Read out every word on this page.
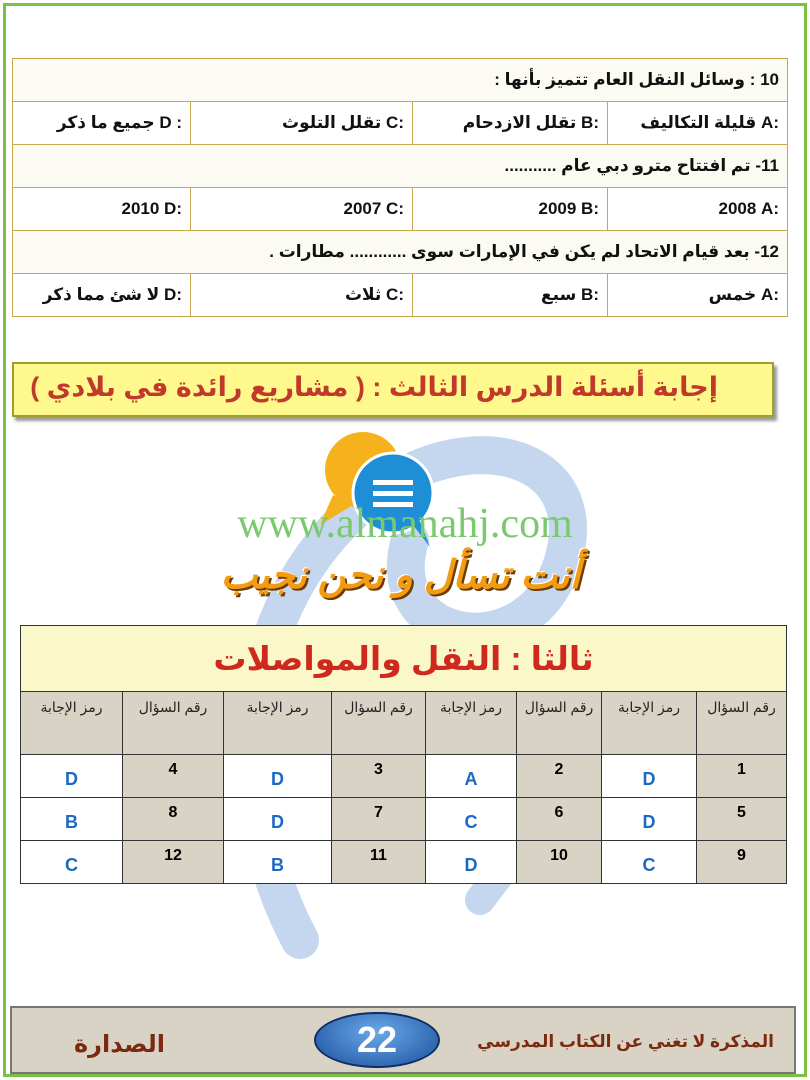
10 : وسائل النقل العام تتميز بأنها :			
A: قليلة التكاليف	B: تقلل الازدحام	C: تقلل التلوث	D : جميع ما ذكر
11- تم افتتاح مترو دبي عام ...........			
A: 2008	B: 2009	C: 2007	D: 2010
12- بعد قيام الاتحاد لم يكن في الإمارات سوى ............ مطارات .			
A: خمس	B: سبع	C: ثلاث	D: لا شئ مما ذكر
إجابة أسئلة الدرس الثالث : ( مشاريع رائدة في بلادي )
أنت تسأل و نحن نجيب
www.almanahj.com
ثالثا : النقل والمواصلات							
رقم السؤال	رمز الإجابة	رقم السؤال	رمز الإجابة	رقم السؤال	رمز الإجابة	رقم السؤال	رمز الإجابة
1	D	2	A	3	D	4	D
5	D	6	C	7	D	8	B
9	C	10	D	11	B	12	C
الصدارة	22	المذكرة لا تغني عن الكتاب المدرسي
